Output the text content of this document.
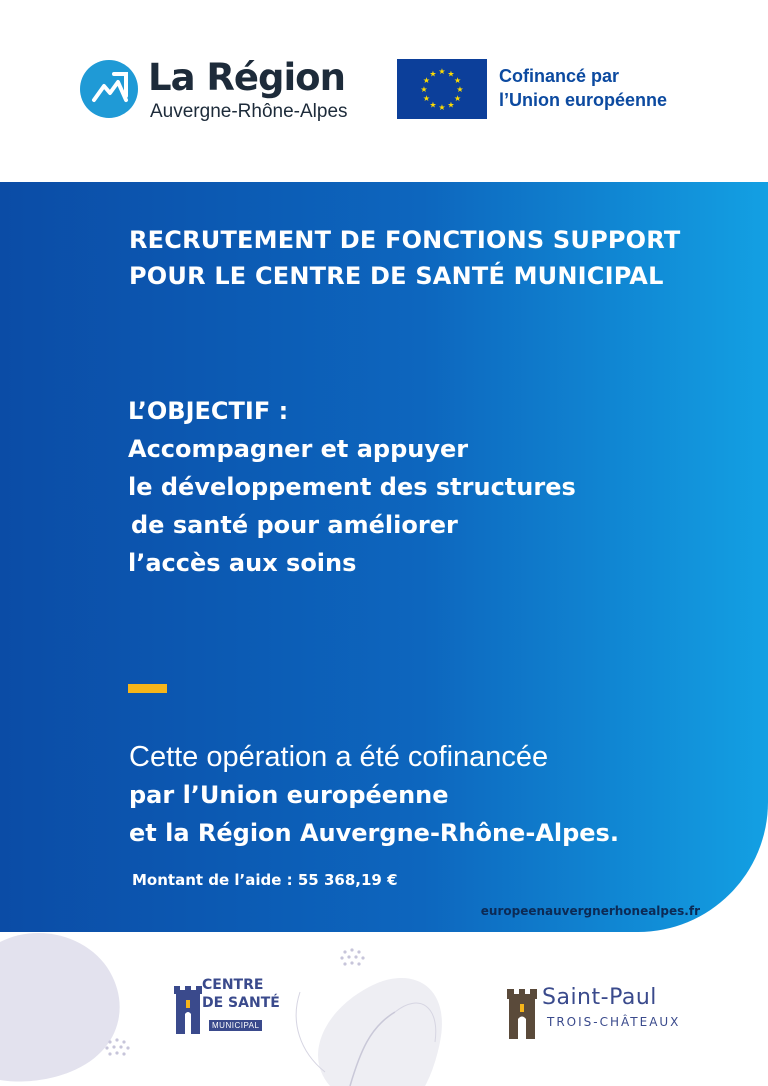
La Région
Auvergne-Rhône-Alpes
★ ★
★
★
★
★
★
★
★
★
★
★	Cofinancé par
l’Union européenne
RECRUTEMENT DE FONCTIONS SUPPORT
POUR LE CENTRE DE SANTÉ MUNICIPAL
L’OBJECTIF :
Accompagner et appuyer
le développement des structures
de santé pour améliorer
l’accès aux soins
Cette opération a été cofinancée
par l’Union européenne
et la Région Auvergne-Rhône-Alpes.
Montant de l’aide : 55 368,19 €
europeenauvergnerhonealpes.fr
CENTRE
DE SANTÉ
MUNICIPAL
Saint-Paul
TROIS-CHÂTEAUX
